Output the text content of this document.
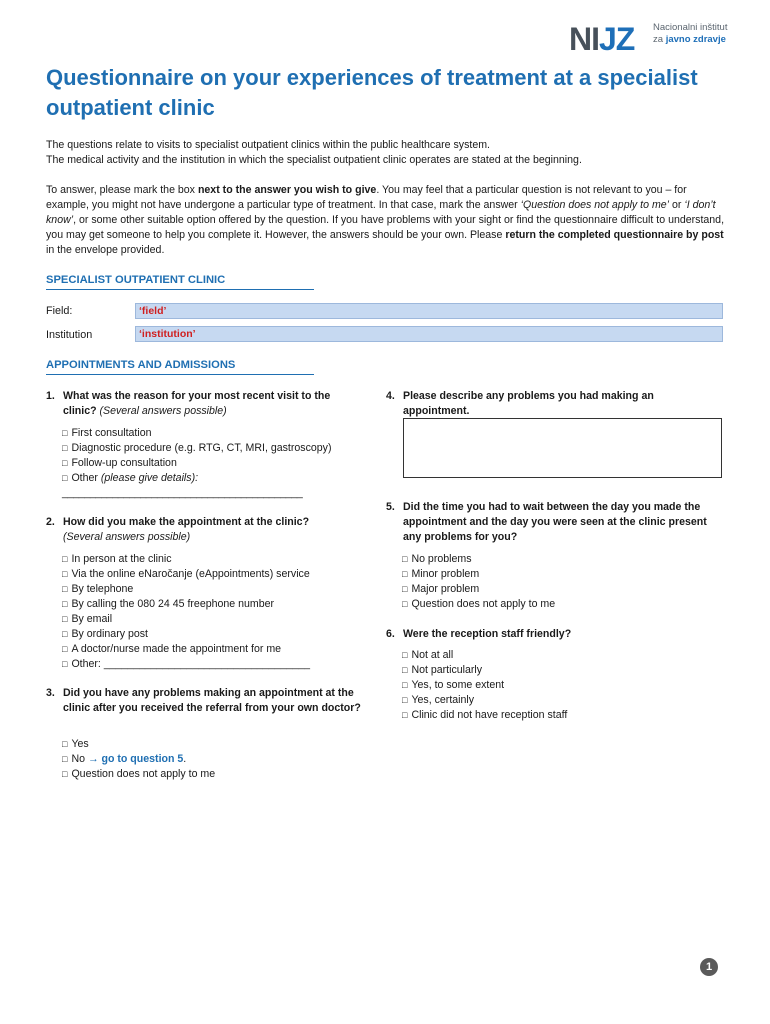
NIJZ Nacionalni inštitut
za javno zdravje
Questionnaire on your experiences of treatment at a specialist outpatient clinic

The questions relate to visits to specialist outpatient clinics within the public healthcare system.
The medical activity and the institution in which the specialist outpatient clinic operates are stated at the beginning.

To answer, please mark the box next to the answer you wish to give. You may feel that a particular question is not relevant to you – for example, you might not have undergone a particular type of treatment. In that case, mark the answer ‘Question does not apply to me’ or ‘I don’t know’, or some other suitable option offered by the question. If you have problems with your sight or find the questionnaire difficult to understand, you may get someone to help you complete it. However, the answers should be your own. Please return the completed questionnaire by post in the envelope provided.

SPECIALIST OUTPATIENT CLINIC
Field:	‘field’
Institution	‘institution’
APPOINTMENTS AND ADMISSIONS
1. What was the reason for your most recent visit to the clinic? (Several answers possible)
□ First consultation
□ Diagnostic procedure (e.g. RTG, CT, MRI, gastroscopy)
□ Follow-up consultation
□ Other (please give details):
___________________________________________
2. How did you make the appointment at the clinic?
(Several answers possible)
□ In person at the clinic
□ Via the online eNaročanje (eAppointments) service
□ By telephone
□ By calling the 080 24 45 freephone number
□ By email
□ By ordinary post
□ A doctor/nurse made the appointment for me
□ Other: ___________________________________
3. Did you have any problems making an appointment at the clinic after you received the referral from your own doctor?
□ Yes
□ No → go to question 5.
□ Question does not apply to me
4. Please describe any problems you had making an appointment.
5. Did the time you had to wait between the day you made the appointment and the day you were seen at the clinic present any problems for you?
□ No problems
□ Minor problem
□ Major problem
□ Question does not apply to me
6. Were the reception staff friendly?
□ Not at all
□ Not particularly
□ Yes, to some extent
□ Yes, certainly
□ Clinic did not have reception staff
1
